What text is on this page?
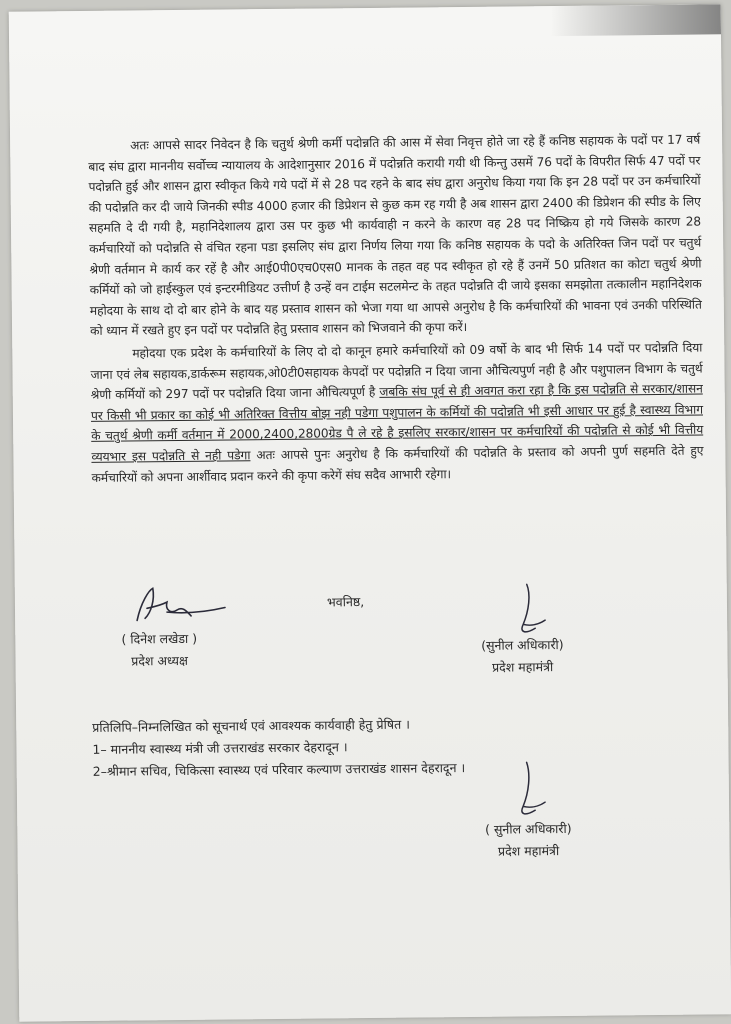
अतः आपसे सादर निवेदन है कि चतुर्थ श्रेणी कर्मी पदोन्नति की आस में सेवा निवृत्त होते जा रहे हैं कनिष्ठ सहायक के पदों पर 17 वर्ष बाद संघ द्वारा माननीय सर्वोच्च न्यायालय के आदेशानुसार 2016 में पदोन्नति करायी गयी थी किन्तु उसमें 76 पदों के विपरीत सिर्फ 47 पदों पर पदोन्नति हुई और शासन द्वारा स्वीकृत किये गये पदों में से 28 पद रहने के बाद संघ द्वारा अनुरोध किया गया कि इन 28 पदों पर उन कर्मचारियों की पदोन्नति कर दी जाये जिनकी स्पीड 4000 हजार की डिप्रेशन से कुछ कम रह गयी है अब शासन द्वारा 2400 की डिप्रेशन की स्पीड के लिए सहमति दे दी गयी है, महानिदेशालय द्वारा उस पर कुछ भी कार्यवाही न करने के कारण वह 28 पद निष्क्रिय हो गये जिसके कारण 28 कर्मचारियों को पदोन्नति से वंचित रहना पडा इसलिए संघ द्वारा निर्णय लिया गया कि कनिष्ठ सहायक के पदो के अतिरिक्त जिन पदों पर चतुर्थ श्रेणी वर्तमान मे कार्य कर रहें है और आई0पी0एच0एस0 मानक के तहत वह पद स्वीकृत हो रहे हैं उनमें 50 प्रतिशत का कोटा चतुर्थ श्रेणी कर्मियों को जो हाईस्कुल एवं इन्टरमीडियट उत्तीर्ण है उन्हें वन टाईम सटलमेन्ट के तहत पदोन्नति दी जाये इसका समझोता तत्कालीन महानिदेशक महोदया के साथ दो दो बार होने के बाद यह प्रस्ताव शासन को भेजा गया था आपसे अनुरोध है कि कर्मचारियों की भावना एवं उनकी परिस्थिति को ध्यान में रखते हुए इन पदों पर पदोन्नति हेतु प्रस्ताव शासन को भिजवाने की कृपा करें।

महोदया एक प्रदेश के कर्मचारियों के लिए दो दो कानून हमारे कर्मचारियों को 09 वर्षो के बाद भी सिर्फ 14 पदों पर पदोन्नति दिया जाना एवं लेब सहायक,डार्करूम सहायक,ओ0टी0सहायक केपदों पर पदोन्नति न दिया जाना औचित्यपुर्ण नही है और पशुपालन विभाग के चतुर्थ श्रेणी कर्मियों को 297 पदों पर पदोन्नति दिया जाना औचित्यपूर्ण है जबकि संघ पूर्व से ही अवगत करा रहा है कि इस पदोन्नति से सरकार/शासन पर किसी भी प्रकार का कोई भी अतिरिक्त वित्तीय बोझ नही पडेगा पशुपालन के कर्मियों की पदोन्नति भी इसी आधार पर हुई है स्वास्थ्य विभाग के चतुर्थ श्रेणी कर्मी वर्तमान में 2000,2400,2800ग्रेड पै ले रहे है इसलिए सरकार/शासन पर कर्मचारियों की पदोन्नति से कोई भी वित्तीय व्ययभार इस पदोन्नति से नही पडेगा अतः आपसे पुनः अनुरोध है कि कर्मचारियों की पदोन्नति के प्रस्ताव को अपनी पुर्ण सहमति देते हुए कर्मचारियों को अपना आर्शीवाद प्रदान करने की कृपा करेगें संघ सदैव आभारी रहेगा।

भवनिष्ठ,
( दिनेश लखेडा )
प्रदेश अध्यक्ष
(सुनील अधिकारी)
प्रदेश महामंत्री
प्रतिलिपि–निम्नलिखित को सूचनार्थ एवं आवश्यक कार्यवाही हेतु प्रेषित ।
1– माननीय स्वास्थ्य मंत्री जी उत्तराखंड सरकार देहरादून ।
2–श्रीमान सचिव, चिकित्सा स्वास्थ्य एवं परिवार कल्याण उत्तराखंड शासन देहरादून ।
( सुनील अधिकारी)
प्रदेश महामंत्री
